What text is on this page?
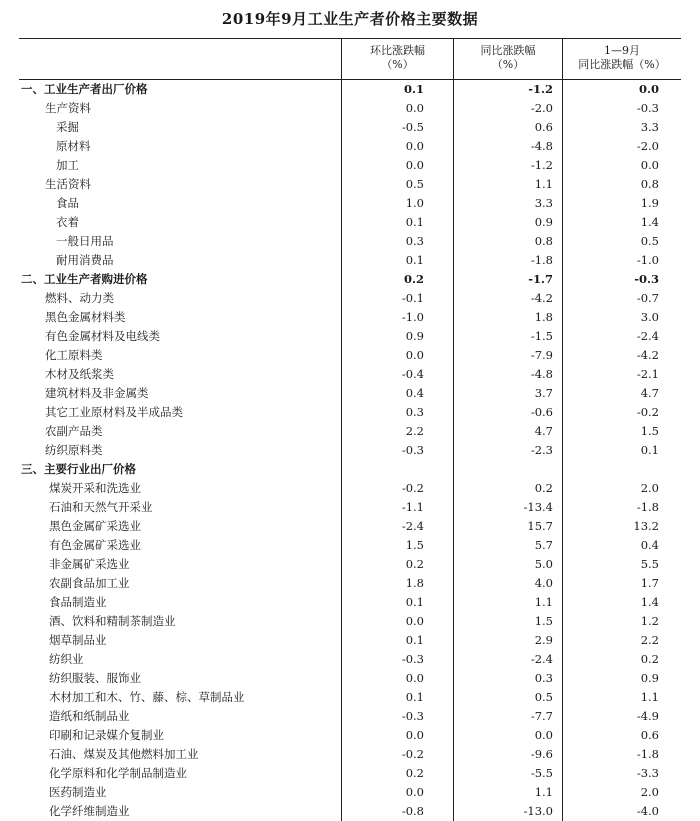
2019年9月工业生产者价格主要数据
环比涨跌幅
（%）
同比涨跌幅
（%）
1—9月
同比涨跌幅（%）
一、工业生产者出厂价格	0.1	-1.2	0.0
生产资料	0.0	-2.0	-0.3
采掘	-0.5	0.6	3.3
原材料	0.0	-4.8	-2.0
加工	0.0	-1.2	0.0
生活资料	0.5	1.1	0.8
食品	1.0	3.3	1.9
衣着	0.1	0.9	1.4
一般日用品	0.3	0.8	0.5
耐用消费品	0.1	-1.8	-1.0
二、工业生产者购进价格	0.2	-1.7	-0.3
燃料、动力类	-0.1	-4.2	-0.7
黑色金属材料类	-1.0	1.8	3.0
有色金属材料及电线类	0.9	-1.5	-2.4
化工原料类	0.0	-7.9	-4.2
木材及纸浆类	-0.4	-4.8	-2.1
建筑材料及非金属类	0.4	3.7	4.7
其它工业原材料及半成品类	0.3	-0.6	-0.2
农副产品类	2.2	4.7	1.5
纺织原料类	-0.3	-2.3	0.1
三、主要行业出厂价格
煤炭开采和洗选业	-0.2	0.2	2.0
石油和天然气开采业	-1.1	-13.4	-1.8
黑色金属矿采选业	-2.4	15.7	13.2
有色金属矿采选业	1.5	5.7	0.4
非金属矿采选业	0.2	5.0	5.5
农副食品加工业	1.8	4.0	1.7
食品制造业	0.1	1.1	1.4
酒、饮料和精制茶制造业	0.0	1.5	1.2
烟草制品业	0.1	2.9	2.2
纺织业	-0.3	-2.4	0.2
纺织服装、服饰业	0.0	0.3	0.9
木材加工和木、竹、藤、棕、草制品业	0.1	0.5	1.1
造纸和纸制品业	-0.3	-7.7	-4.9
印刷和记录媒介复制业	0.0	0.0	0.6
石油、煤炭及其他燃料加工业	-0.2	-9.6	-1.8
化学原料和化学制品制造业	0.2	-5.5	-3.3
医药制造业	0.0	1.1	2.0
化学纤维制造业	-0.8	-13.0	-4.0
